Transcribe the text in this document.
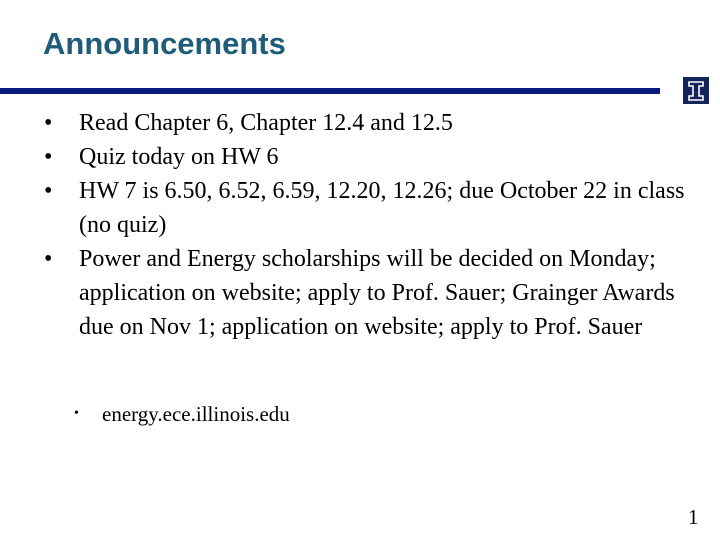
Announcements
•	Read Chapter 6, Chapter 12.4 and 12.5
•	Quiz today on HW 6
•	HW 7 is 6.50, 6.52, 6.59, 12.20, 12.26; due October 22 in class (no quiz)
•	Power and Energy scholarships will be decided on Monday; application on website; apply to Prof. Sauer; Grainger Awards due on Nov 1; application on website; apply to Prof. Sauer
• energy.ece.illinois.edu
1
